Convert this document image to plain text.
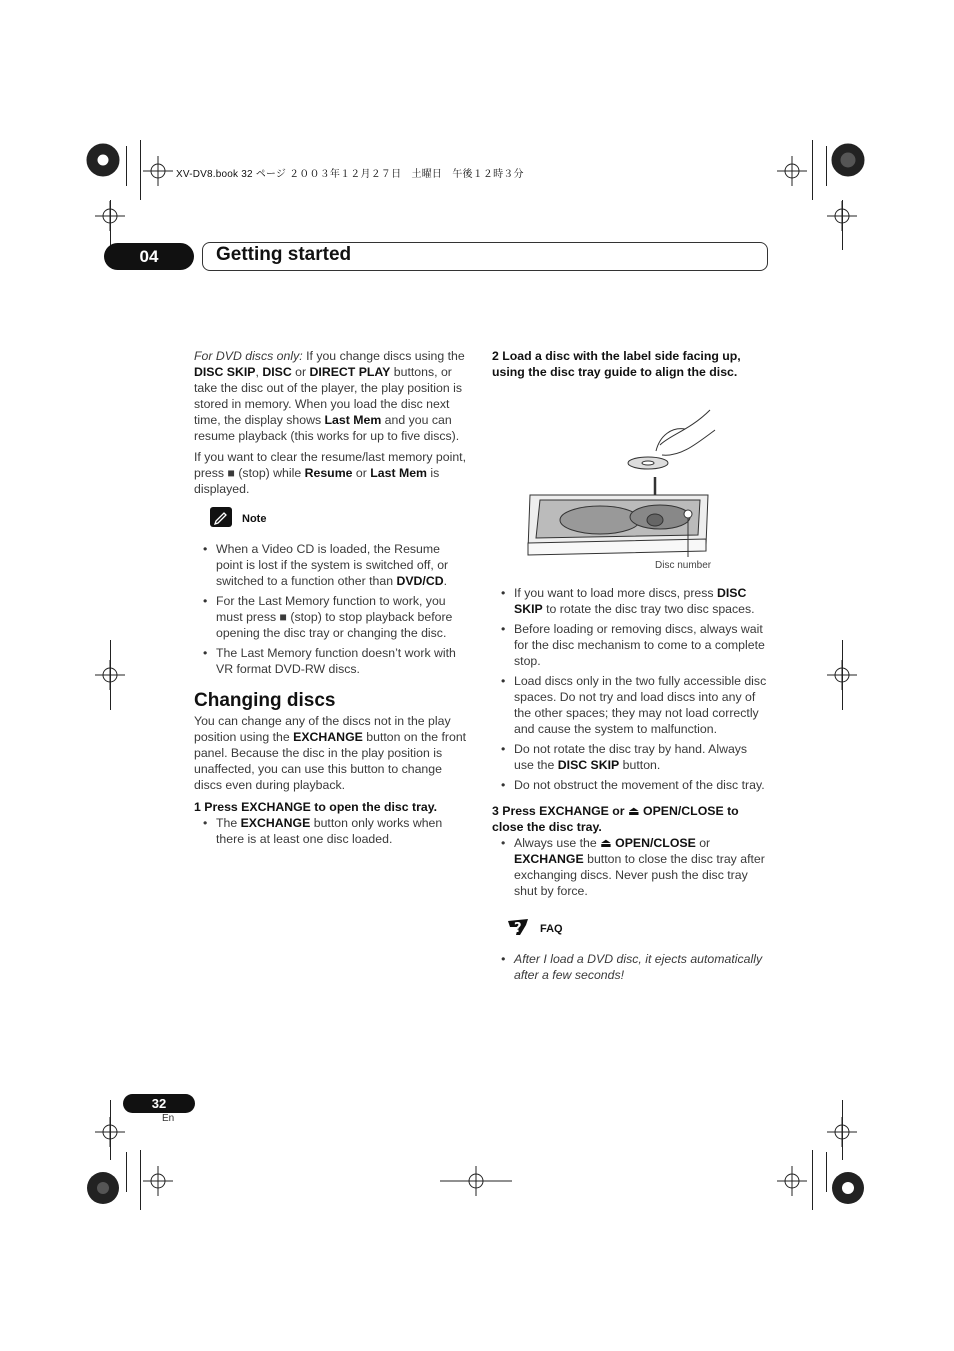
XV-DV8.book 32 ページ ２００３年１２月２７日　土曜日　午後１２時３分
04	Getting started

For DVD discs only: If you change discs using the DISC SKIP, DISC or DIRECT PLAY buttons, or take the disc out of the player, the play position is stored in memory. When you load the disc next time, the display shows Last Mem and you can resume playback (this works for up to five discs).

If you want to clear the resume/last memory point, press ■ (stop) while Resume or Last Mem is displayed.

Note
• When a Video CD is loaded, the Resume point is lost if the system is switched off, or switched to a function other than DVD/CD.
• For the Last Memory function to work, you must press ■ (stop) to stop playback before opening the disc tray or changing the disc.
• The Last Memory function doesn’t work with VR format DVD-RW discs.
Changing discs

You can change any of the discs not in the play position using the EXCHANGE button on the front panel. Because the disc in the play position is unaffected, you can use this button to change discs even during playback.

1 Press EXCHANGE to open the disc tray.
• The EXCHANGE button only works when there is at least one disc loaded.
2 Load a disc with the label side facing up, using the disc tray guide to align the disc.
Disc number
• If you want to load more discs, press DISC SKIP to rotate the disc tray two disc spaces.
• Before loading or removing discs, always wait for the disc mechanism to come to a complete stop.
• Load discs only in the two fully accessible disc spaces. Do not try and load discs into any of the other spaces; they may not load correctly and cause the system to malfunction.
• Do not rotate the disc tray by hand. Always use the DISC SKIP button.
• Do not obstruct the movement of the disc tray.
3 Press EXCHANGE or ⏏ OPEN/CLOSE to close the disc tray.
• Always use the ⏏ OPEN/CLOSE or EXCHANGE button to close the disc tray after exchanging discs. Never push the disc tray shut by force.
? FAQ
• After I load a DVD disc, it ejects automatically after a few seconds!
32
En
